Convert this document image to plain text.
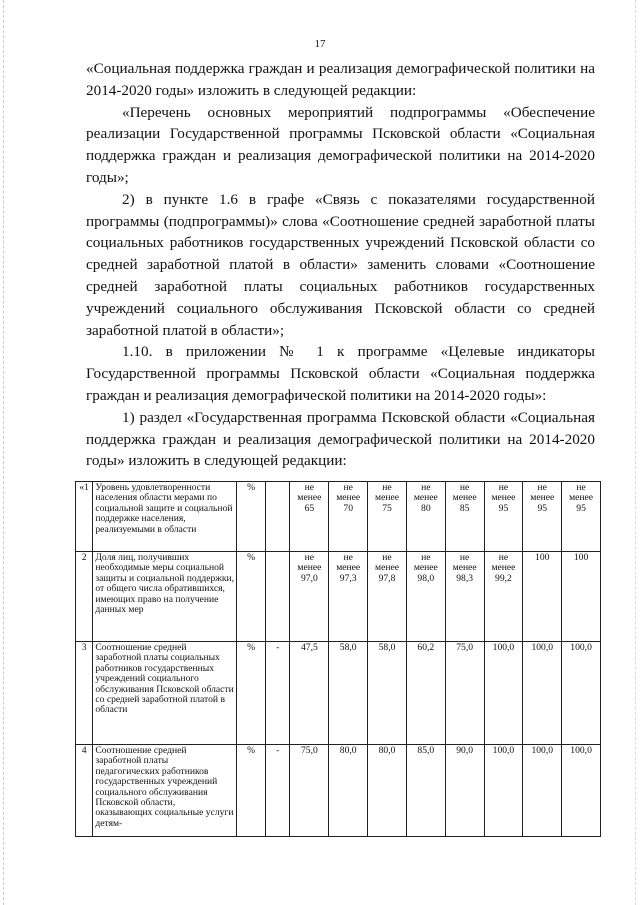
17

«Социальная поддержка граждан и реализация демографической политики на 2014-2020 годы» изложить в следующей редакции:

«Перечень основных мероприятий подпрограммы «Обеспечение реализации Государственной программы Псковской области «Социальная поддержка граждан и реализация демографической политики на 2014-2020 годы»;

2) в пункте 1.6 в графе «Связь с показателями государственной программы (подпрограммы)» слова «Соотношение средней заработной платы социальных работников государственных учреждений Псковской области со средней заработной платой в области» заменить словами «Соотношение средней заработной платы социальных работников государственных учреждений социального обслуживания Псковской области со средней заработной платой в области»;

1.10. в приложении № 1 к программе «Целевые индикаторы Государственной программы Псковской области «Социальная поддержка граждан и реализация демографической политики на 2014-2020 годы»:

1) раздел «Государственная программа Псковской области «Социальная поддержка граждан и реализация демографической политики на 2014-2020 годы» изложить в следующей редакции:

«1	Уровень удовлетворенности населения области мерами по социальной защите и социальной поддержке населения, реализуемыми в области	%		не менее 65	не менее 70	не менее 75	не менее 80	не менее 85	не менее 95	не менее 95	не менее 95
2	Доля лиц, получивших необходимые меры социальной защиты и социальной поддержки, от общего числа обратившихся, имеющих право на получение данных мер	%		не менее 97,0	не менее 97,3	не менее 97,8	не менее 98,0	не менее 98,3	не менее 99,2	100	100
3	Соотношение средней заработной платы социальных работников государственных учреждений социального обслуживания Псковской области со средней заработной платой в области	%	-	47,5	58,0	58,0	60,2	75,0	100,0	100,0	100,0
4	Соотношение средней заработной платы педагогических работников государственных учреждений социального обслуживания Псковской области, оказывающих социальные услуги детям-	%	-	75,0	80,0	80,0	85,0	90,0	100,0	100,0	100,0
